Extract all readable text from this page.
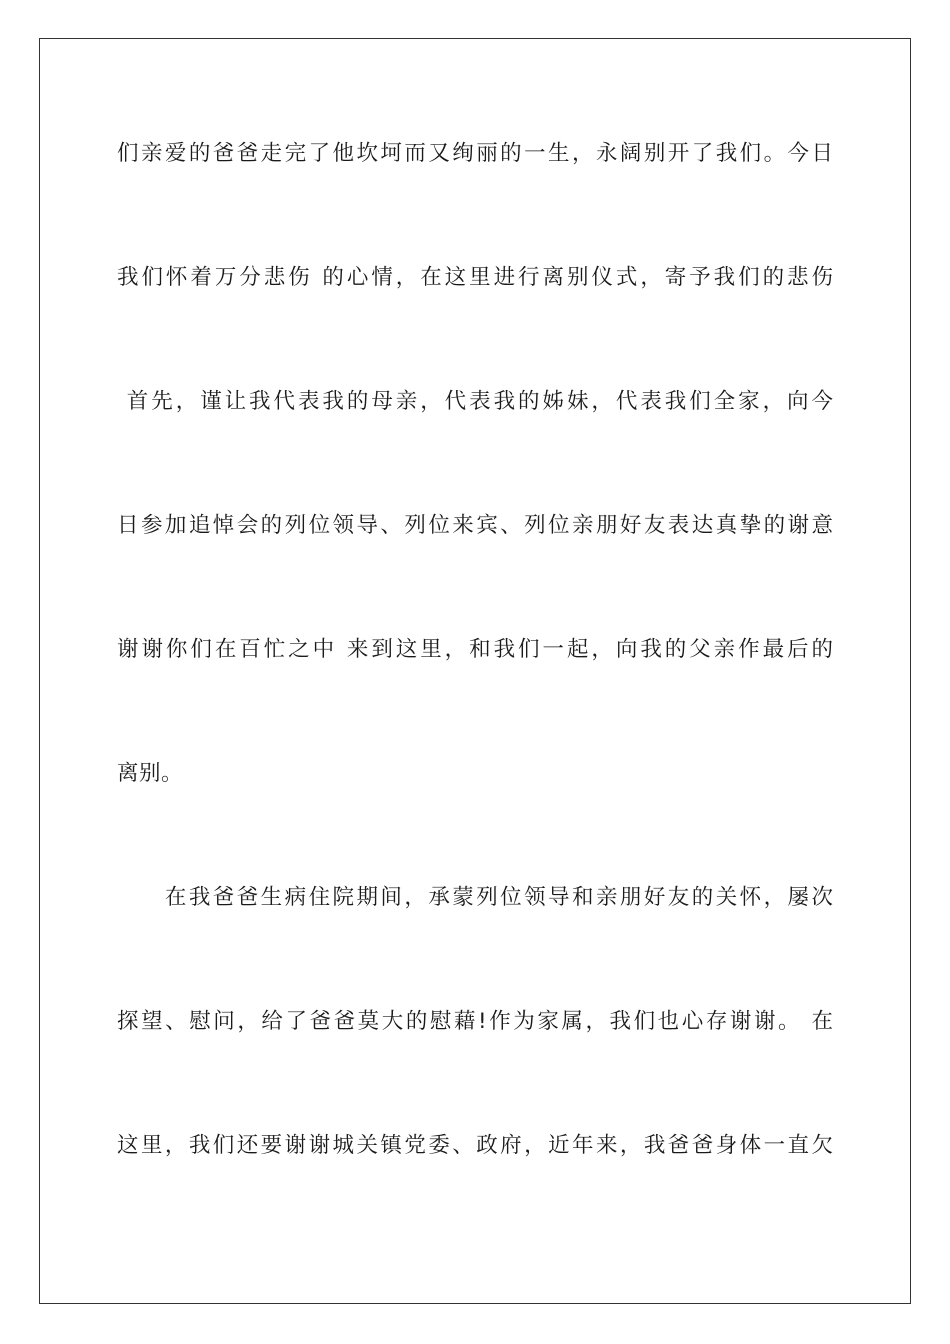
们亲爱的爸爸走完了他坎坷而又绚丽的一生，永阔别开了我们。今日

我们怀着万分悲伤 的心情，在这里进行离别仪式，寄予我们的悲伤

首先，谨让我代表我的母亲，代表我的姊妹，代表我们全家，向今

日参加追悼会的列位领导、列位来宾、列位亲朋好友表达真挚的谢意

谢谢你们在百忙之中 来到这里，和我们一起，向我的父亲作最后的

离别。

　　在我爸爸生病住院期间，承蒙列位领导和亲朋好友的关怀，屡次

探望、慰问，给了爸爸莫大的慰藉!作为家属，我们也心存谢谢。 在

这里，我们还要谢谢城关镇党委、政府，近年来，我爸爸身体一直欠
